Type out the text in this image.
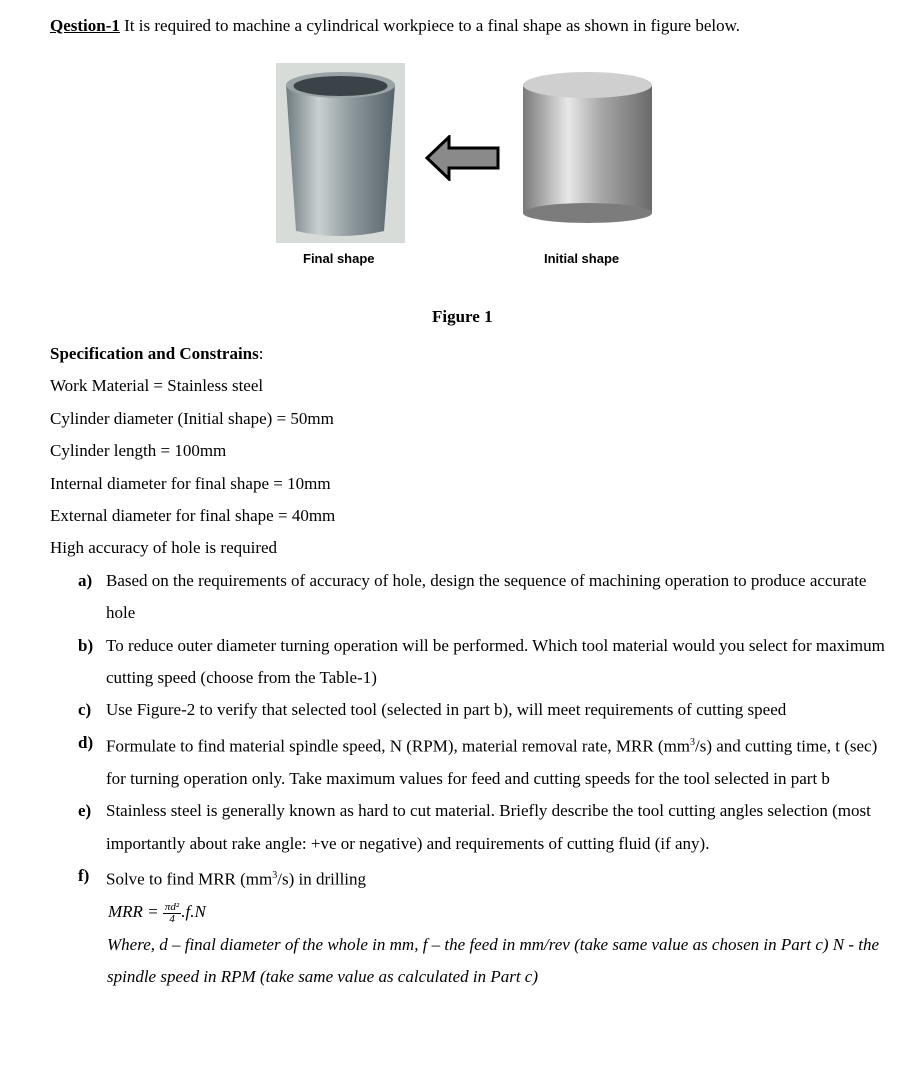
Qestion-1 It is required to machine a cylindrical workpiece to a final shape as shown in figure below.
Final shape	Initial shape
Figure 1
Specification and Constrains:
Work Material = Stainless steel
Cylinder diameter (Initial shape) = 50mm
Cylinder length = 100mm
Internal diameter for final shape = 10mm
External diameter for final shape = 40mm
High accuracy of hole is required
a) Based on the requirements of accuracy of hole, design the sequence of machining operation to produce accurate hole
b) To reduce outer diameter turning operation will be performed. Which tool material would you select for maximum cutting speed (choose from the Table-1)
c) Use Figure-2 to verify that selected tool (selected in part b), will meet requirements of cutting speed
d) Formulate to find material spindle speed, N (RPM), material removal rate, MRR $(mm^3/s)$ and cutting time, t (sec) for turning operation only. Take maximum values for feed and cutting speeds for the tool selected in part b
e) Stainless steel is generally known as hard to cut material. Briefly describe the tool cutting angles selection (most importantly about rake angle: +ve or negative) and requirements of cutting fluid (if any).
f) Solve to find MRR $(mm^3/s)$ in drilling
MRR = $\frac{\text{πd²}}{4} .f.N$
Where, d – final diameter of the whole in mm, f – the feed in mm/rev (take same value as chosen in Part c) N - the spindle speed in RPM (take same value as calculated in Part c)
